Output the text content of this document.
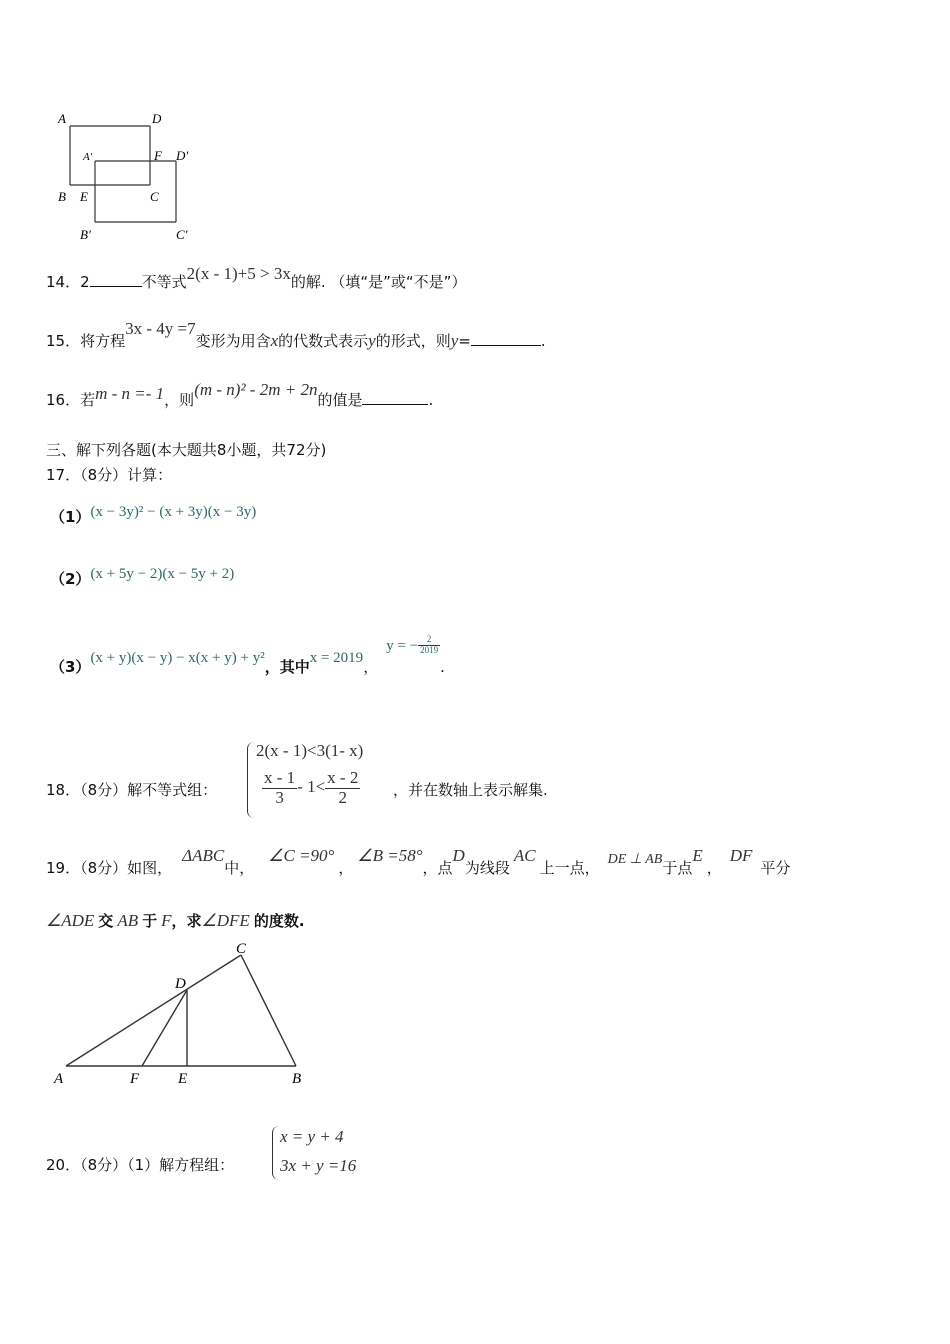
A	D
A'	F D'
B E	C
B'	C'
14．2	不等式2(x - 1)+5 > 3x的解. （填“是”或“不是”）
15．将方程3x - 4y =7变形为用含x的代数式表示y的形式，则y=	.
16．若m - n =- 1，则(m - n)² - 2m + 2n的值是	.
三、解下列各题(本大题共8小题，共72分)
17．（8分）计算：
（1）(x − 3y)² − (x + 3y)(x − 3y)
（2）(x + 5y − 2)(x − 5y + 2)
（3）(x + y)(x − y) − x(x + y) + y²，其中x = 2019，y = − $\frac{2}{2019}$
.
18．（8分）解不等式组：
2(x - 1)<3(1- x)
$\frac{x - 1}{3} - 1< \frac{x - 2}{2}$ ，并在数轴上表示解集.
19．（8分）如图，ΔABC中，∠C =90°，∠B =58°，点D为线段AC上一点， DE ⊥ AB于点E，DF平分
∠ADE 交 AB 于 F，求∠DFE 的度数.
C
D
A	F	E	B
20．（8分）（1）解方程组：
x = y + 4
3x + y =16
